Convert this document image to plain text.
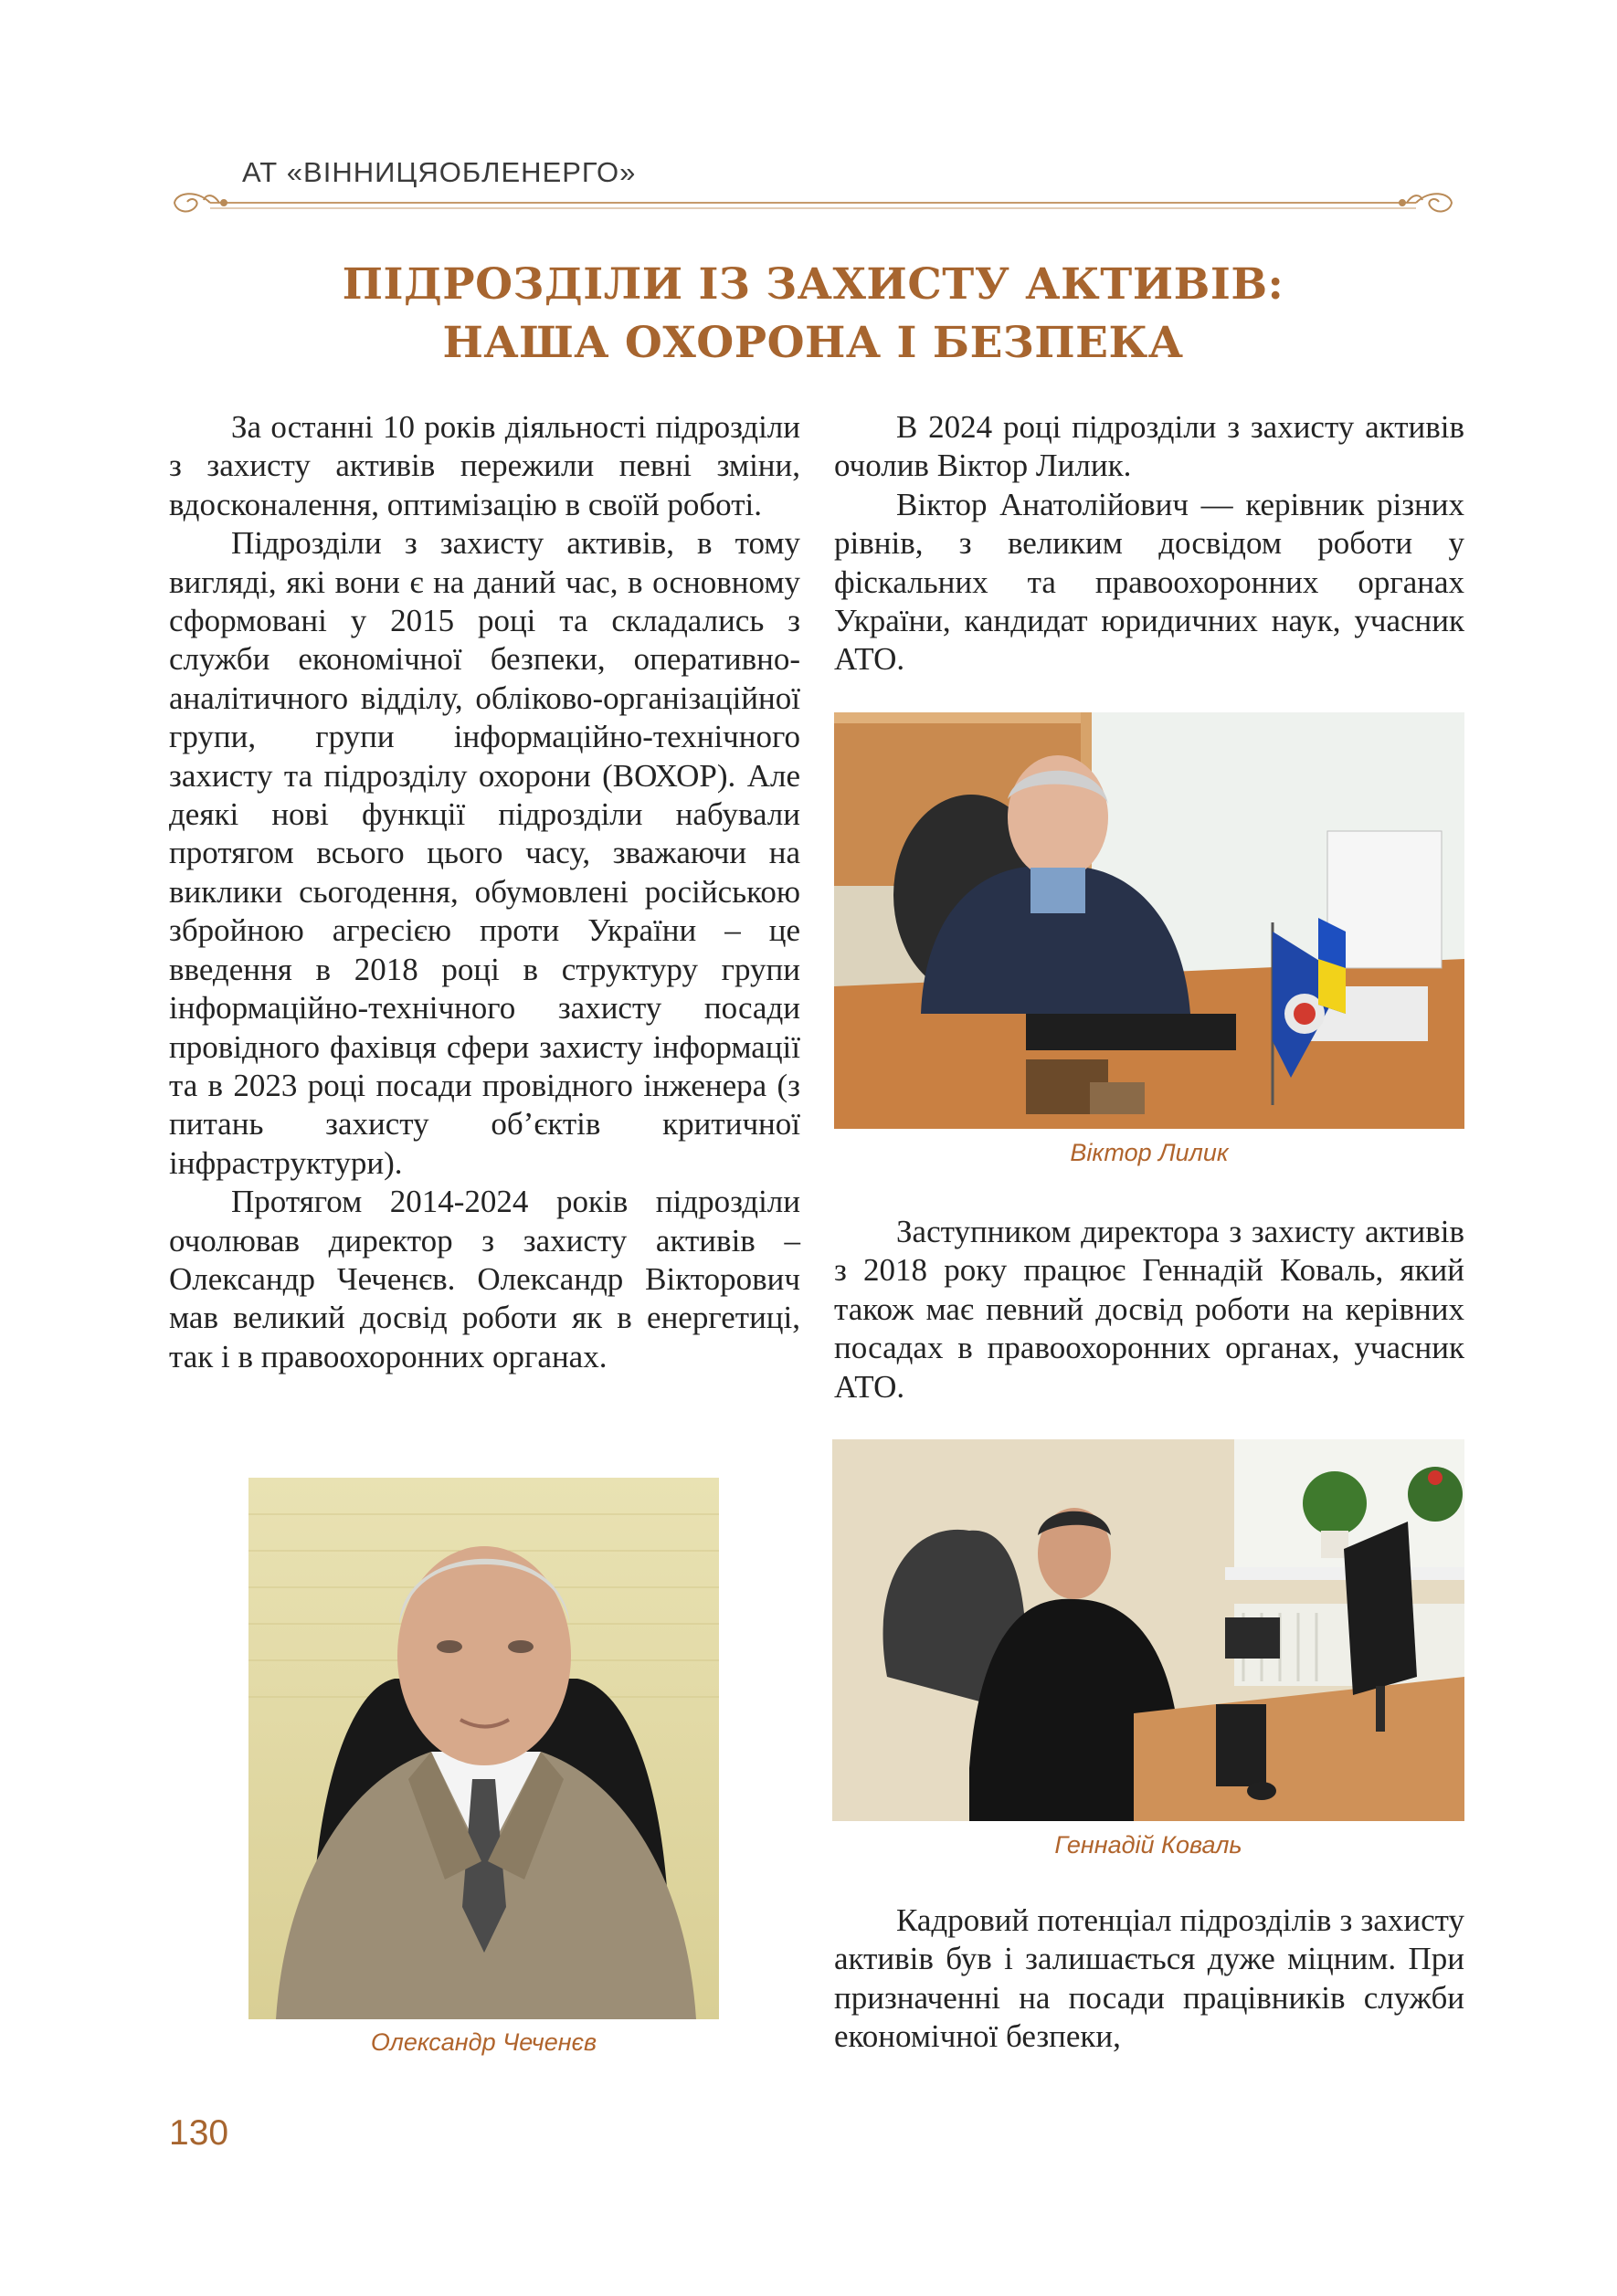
АТ «ВІННИЦЯОБЛЕНЕРГО»
ПІДРОЗДІЛИ ІЗ ЗАХИСТУ АКТИВІВ:
НАША ОХОРОНА І БЕЗПЕКА

За останні 10 років діяльності підрозділи з захисту активів пережили певні зміни, вдосконалення, оптимізацію в своїй роботі.

Підрозділи з захисту активів, в тому вигляді, які вони є на даний час, в основному сформовані у 2015 році та складались з служби економічної безпеки, оперативно-аналітичного відділу, обліково-організаційної групи, групи інформаційно-технічного захисту та підрозділу охорони (ВОХОР). Але деякі нові функції підрозділи набували протягом всього цього часу, зважаючи на виклики сьогодення, обумовлені російською збройною агресією проти України – це введення в 2018 році в структуру групи інформаційно-технічного захисту посади провідного фахівця сфери захисту інформації та в 2023 році посади провідного інженера (з питань захисту об’єктів критичної інфраструктури).

Протягом 2014-2024 років підрозділи очолював директор з захисту активів – Олександр Чеченєв. Олександр Вікторович мав великий досвід роботи як в енергетиці, так і в правоохоронних органах.

В 2024 році підрозділи з захисту активів очолив Віктор Лилик.

Віктор Анатолійович — керівник різних рівнів, з великим досвідом роботи у фіскальних та правоохоронних органах України, кандидат юридичних наук, учасник АТО.

Віктор Лилик

Заступником директора з захисту активів з 2018 року працює Геннадій Коваль, який також має певний досвід роботи на керівних посадах в правоохоронних органах, учасник АТО.

Геннадій Коваль

Кадровий потенціал підрозділів з захисту активів був і залишається дуже міцним. При призначенні на посади працівників служби економічної безпеки,

Олександр Чеченєв
130
